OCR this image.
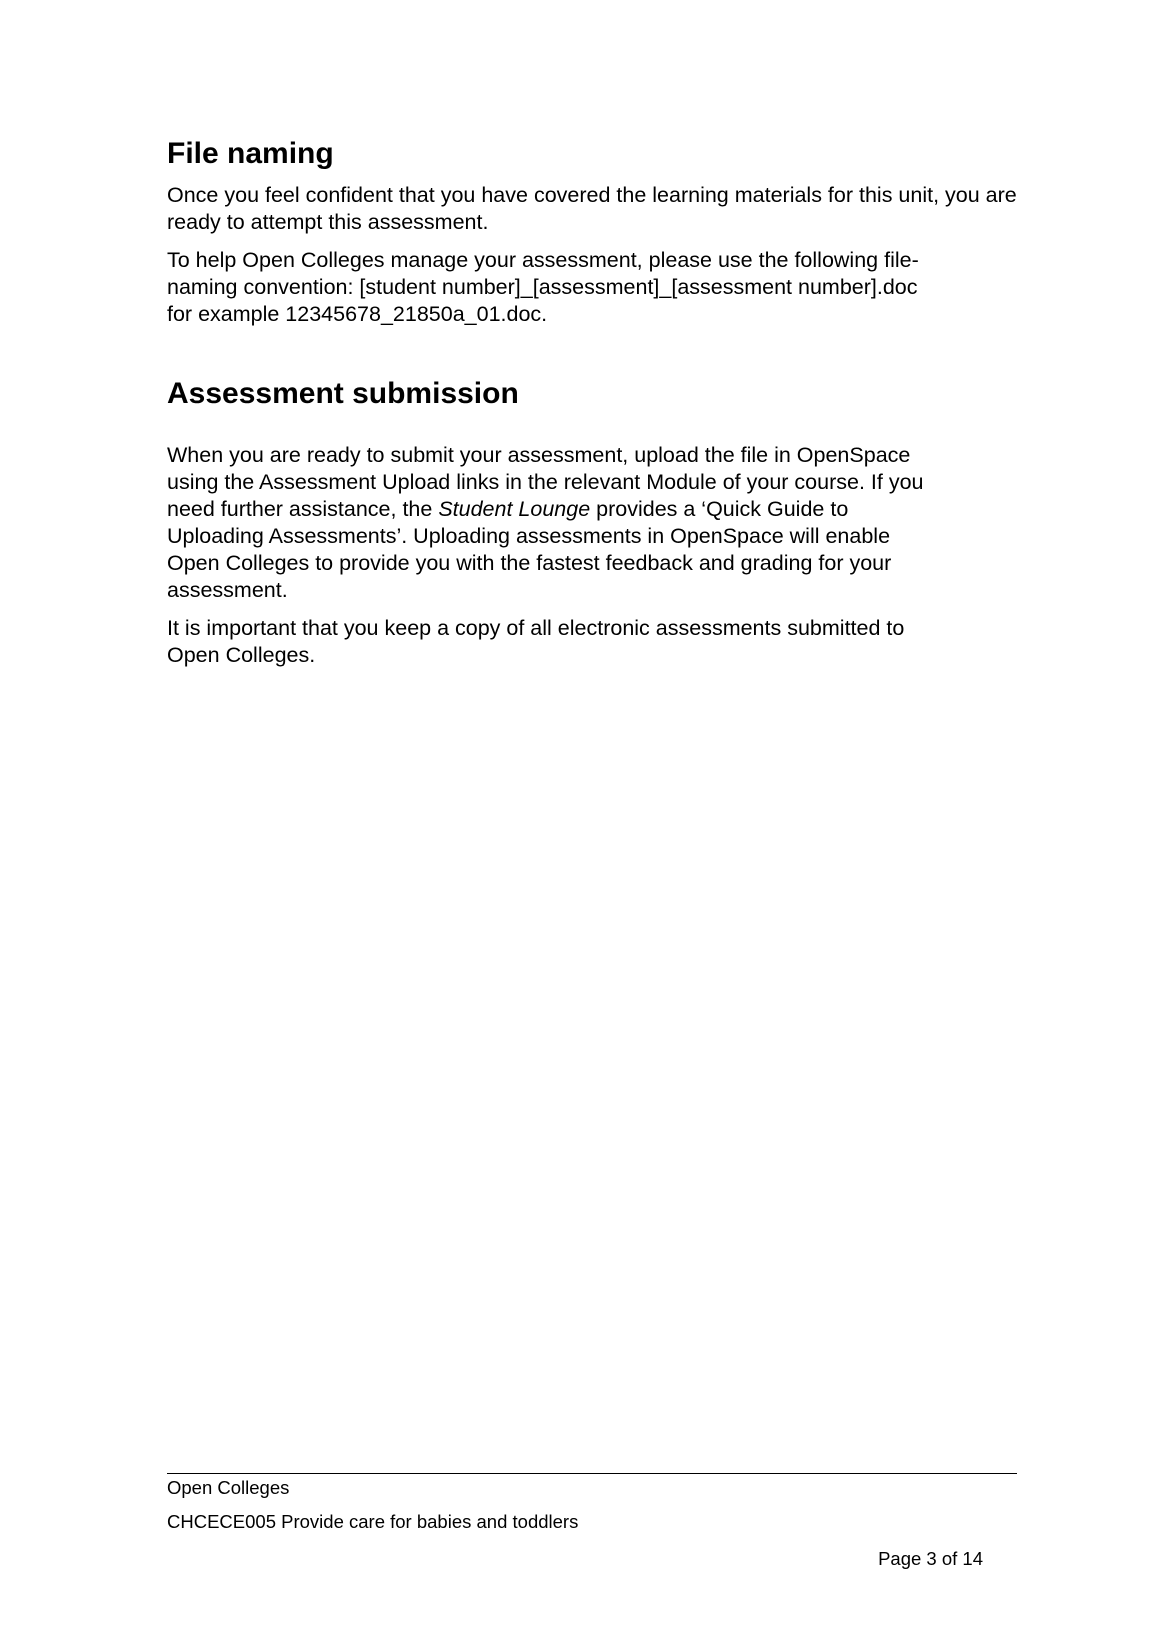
File naming

Once you feel confident that you have covered the learning materials for this unit, you are ready to attempt this assessment.

To help Open Colleges manage your assessment, please use the following file-
naming convention: [student number]_[assessment]_[assessment number].doc
for example 12345678_21850a_01.doc.

Assessment submission

When you are ready to submit your assessment, upload the file in OpenSpace
using the Assessment Upload links in the relevant Module of your course. If you
need further assistance, the Student Lounge provides a ‘Quick Guide to
Uploading Assessments’. Uploading assessments in OpenSpace will enable
Open Colleges to provide you with the fastest feedback and grading for your
assessment.

It is important that you keep a copy of all electronic assessments submitted to
Open Colleges.

Open Colleges

CHCECE005 Provide care for babies and toddlers

Page 3 of 14
